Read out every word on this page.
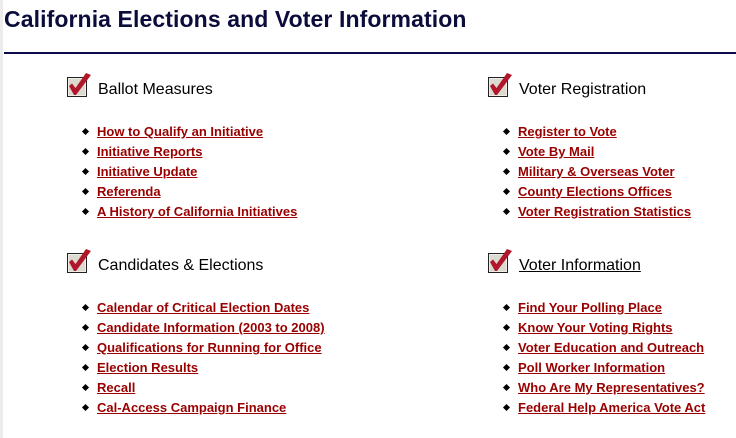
California Elections and Voter Information
Ballot Measures
How to Qualify an Initiative
Initiative Reports
Initiative Update
Referenda
A History of California Initiatives
Voter Registration
Register to Vote
Vote By Mail
Military & Overseas Voter
County Elections Offices
Voter Registration Statistics
Candidates & Elections
Calendar of Critical Election Dates
Candidate Information (2003 to 2008)
Qualifications for Running for Office
Election Results
Recall
Cal-Access Campaign Finance
Voter Information
Find Your Polling Place
Know Your Voting Rights
Voter Education and Outreach
Poll Worker Information
Who Are My Representatives?
Federal Help America Vote Act
